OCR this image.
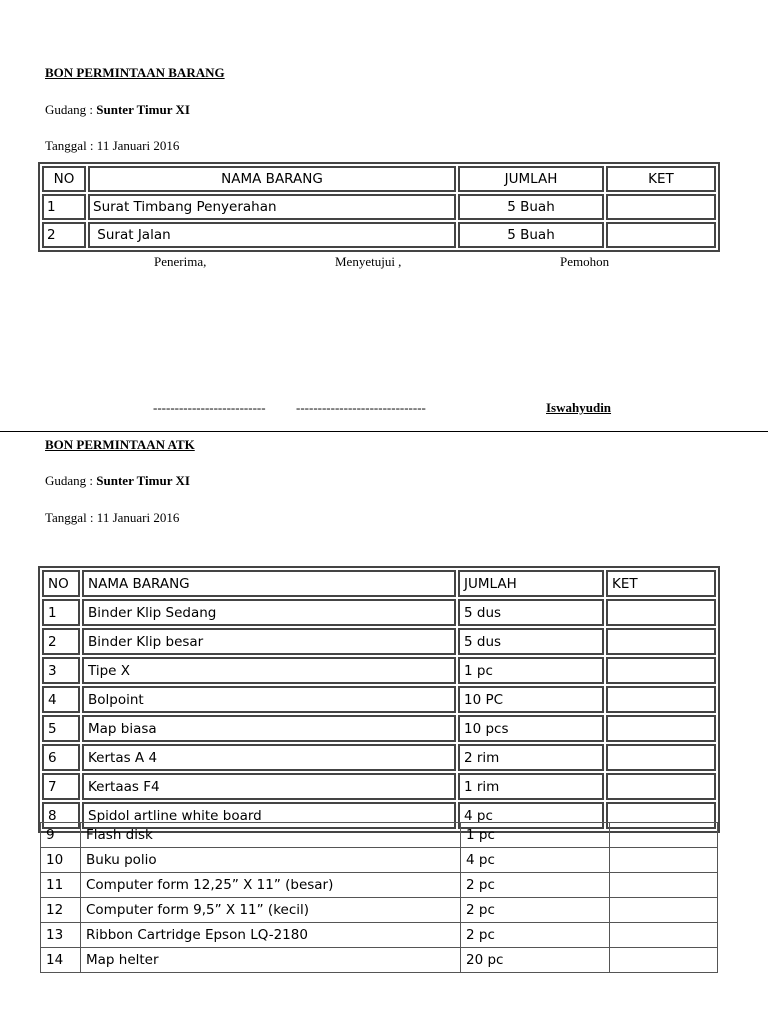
BON PERMINTAAN BARANG
Gudang : Sunter Timur XI
Tanggal : 11 Januari 2016
NO	NAMA BARANG	JUMLAH	KET
1	Surat Timbang Penyerahan	5 Buah	
2	Surat Jalan	5 Buah	
Penerima,	Menyetujui ,	Pemohon
-------------------------- ------------------------------	Iswahyudin
BON PERMINTAAN ATK
Gudang : Sunter Timur XI
Tanggal : 11 Januari 2016
NO	NAMA BARANG	JUMLAH	KET
1	Binder Klip Sedang	5 dus	
2	Binder Klip besar	5 dus	
3	Tipe X	1 pc	
4	Bolpoint	10 PC	
5	Map biasa	10 pcs	
6	Kertas A 4	2 rim	
7	Kertaas F4	1 rim	
8	Spidol artline white board	4 pc	
9	Flash disk	1 pc	
10	Buku polio	4 pc	
11	Computer form 12,25” X 11” (besar)	2 pc	
12	Computer form 9,5” X 11” (kecil)	2 pc	
13	Ribbon Cartridge Epson LQ-2180	2 pc	
14	Map helter	20 pc	
